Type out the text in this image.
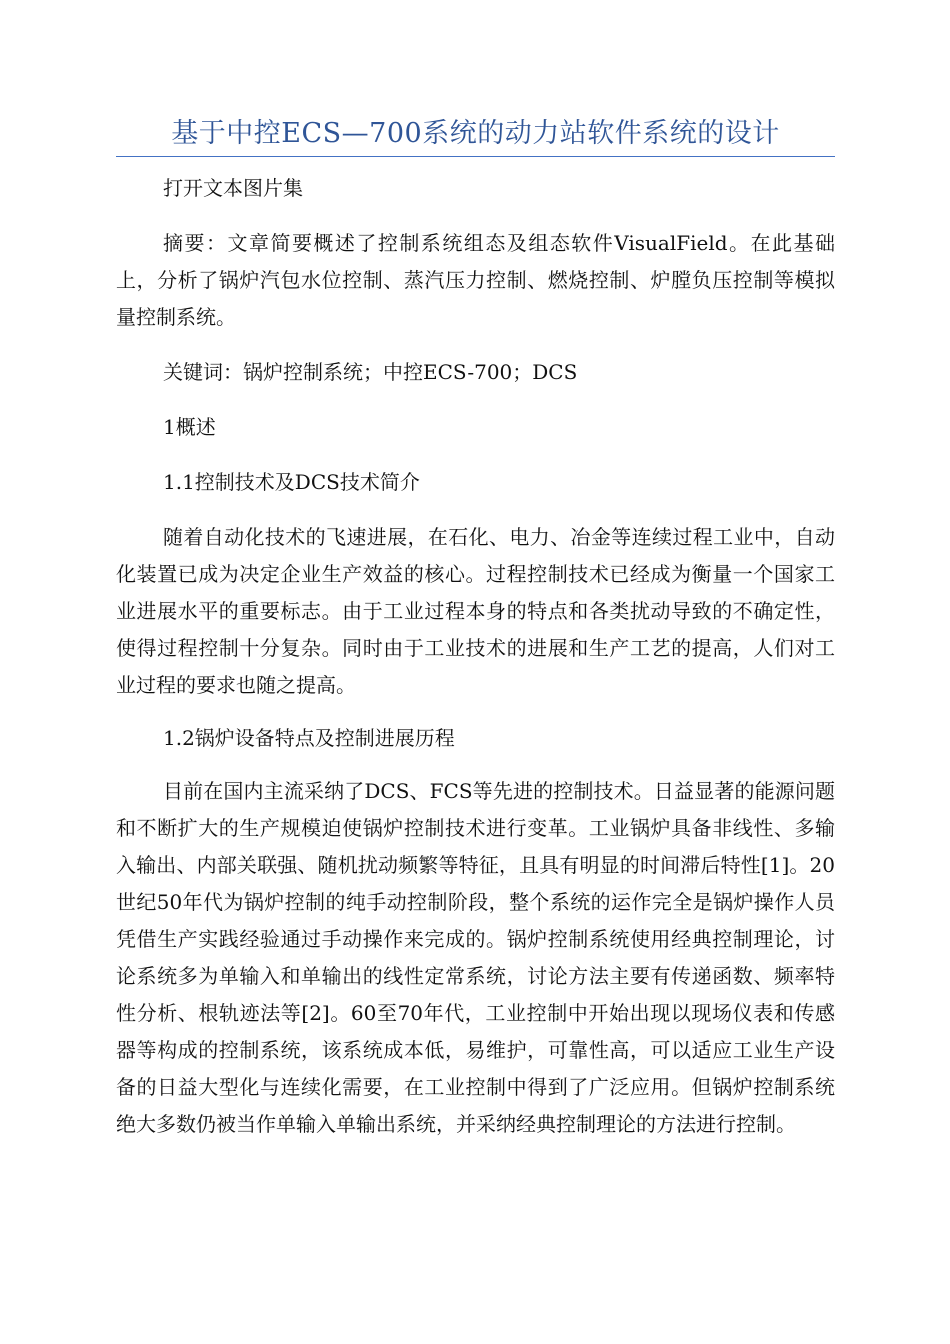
基于中控ECS—700系统的动力站软件系统的设计

打开文本图片集

摘要：文章简要概述了控制系统组态及组态软件VisualField。在此基础上，分析了锅炉汽包水位控制、蒸汽压力控制、燃烧控制、炉膛负压控制等模拟量控制系统。

关键词：锅炉控制系统；中控ECS-700；DCS

1概述

1.1控制技术及DCS技术简介

随着自动化技术的飞速进展，在石化、电力、冶金等连续过程工业中，自动化装置已成为决定企业生产效益的核心。过程控制技术已经成为衡量一个国家工业进展水平的重要标志。由于工业过程本身的特点和各类扰动导致的不确定性，使得过程控制十分复杂。同时由于工业技术的进展和生产工艺的提高，人们对工业过程的要求也随之提高。

1.2锅炉设备特点及控制进展历程

目前在国内主流采纳了DCS、FCS等先进的控制技术。日益显著的能源问题和不断扩大的生产规模迫使锅炉控制技术进行变革。工业锅炉具备非线性、多输入输出、内部关联强、随机扰动频繁等特征，且具有明显的时间滞后特性[1]。20世纪50年代为锅炉控制的纯手动控制阶段，整个系统的运作完全是锅炉操作人员凭借生产实践经验通过手动操作来完成的。锅炉控制系统使用经典控制理论，讨论系统多为单输入和单输出的线性定常系统，讨论方法主要有传递函数、频率特性分析、根轨迹法等[2]。60至70年代，工业控制中开始出现以现场仪表和传感器等构成的控制系统，该系统成本低，易维护，可靠性高，可以适应工业生产设备的日益大型化与连续化需要，在工业控制中得到了广泛应用。但锅炉控制系统绝大多数仍被当作单输入单输出系统，并采纳经典控制理论的方法进行控制。
